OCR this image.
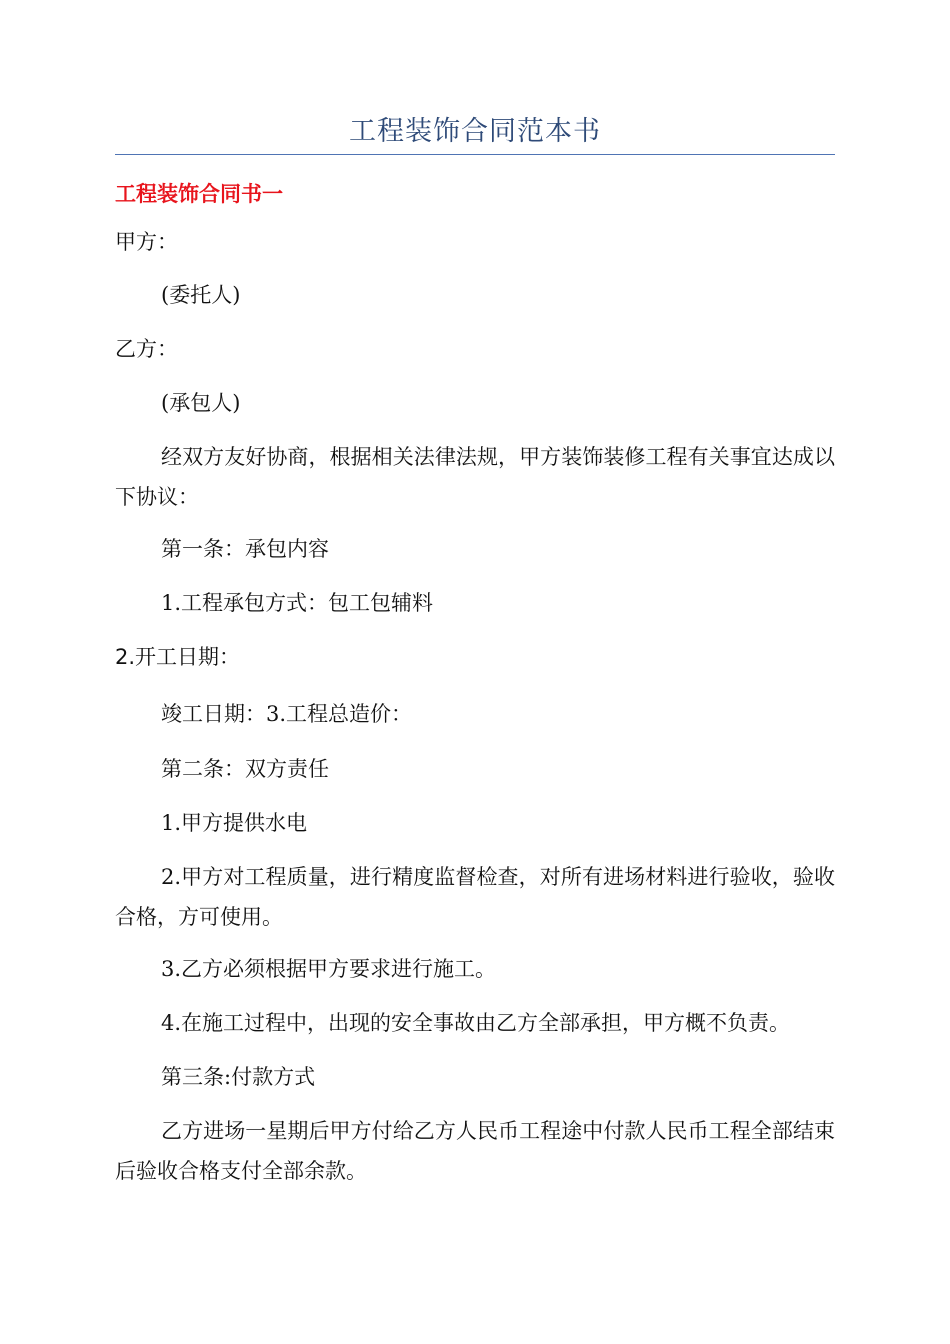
工程装饰合同范本书
工程装饰合同书一

甲方：

(委托人)

乙方：

(承包人)

经双方友好协商，根据相关法律法规，甲方装饰装修工程有关事宜达成以下协议：

第一条：承包内容

1.工程承包方式：包工包辅料

2.开工日期：

竣工日期：3.工程总造价：

第二条：双方责任

1.甲方提供水电

2.甲方对工程质量，进行精度监督检查，对所有进场材料进行验收，验收合格，方可使用。

3.乙方必须根据甲方要求进行施工。

4.在施工过程中，出现的安全事故由乙方全部承担，甲方概不负责。

第三条:付款方式

乙方进场一星期后甲方付给乙方人民币工程途中付款人民币工程全部结束后验收合格支付全部余款。
